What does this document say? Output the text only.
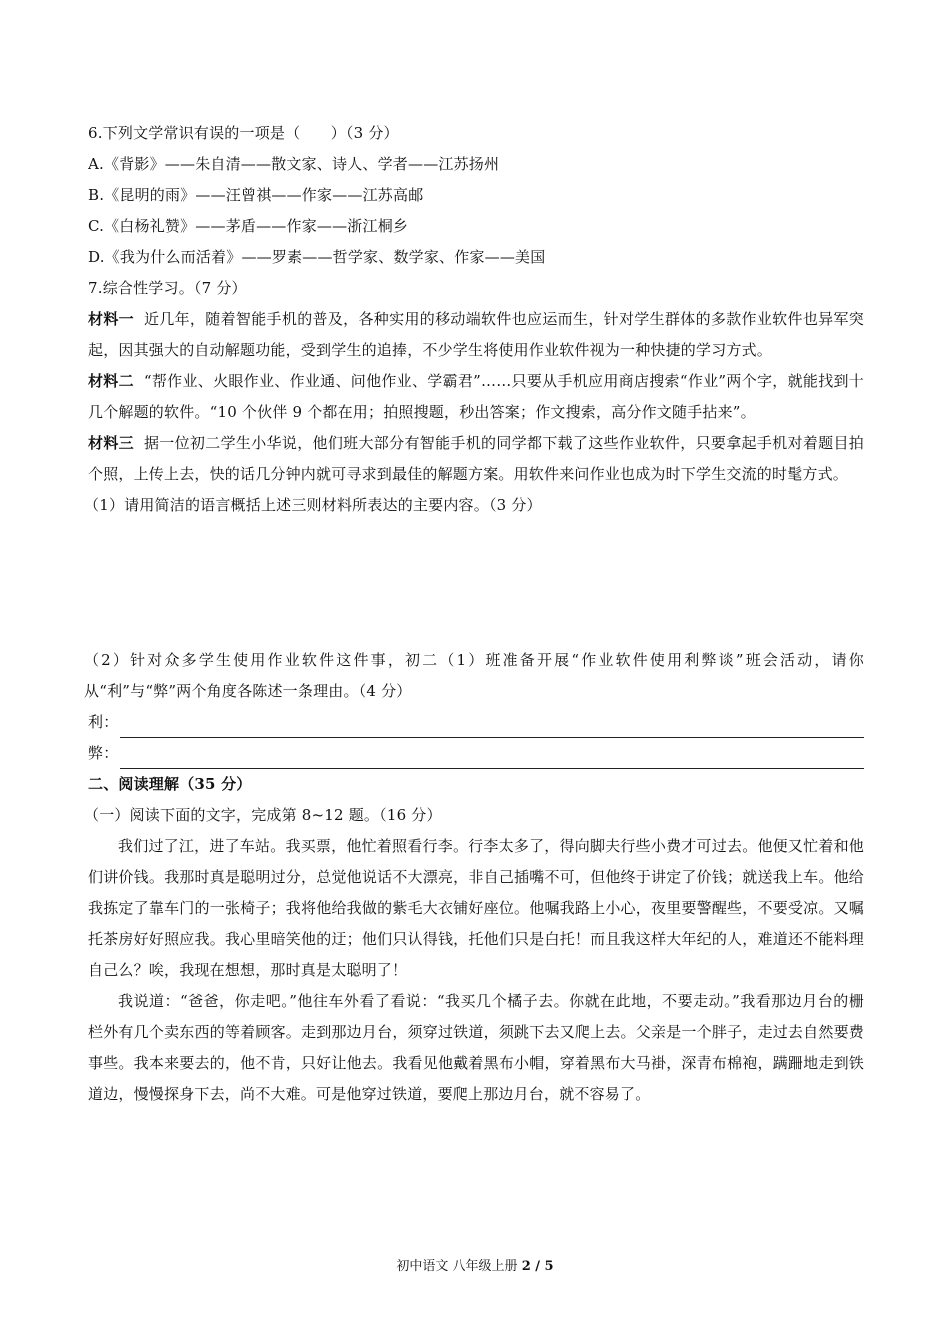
6.下列文学常识有误的一项是（　　）（3 分）
A.《背影》——朱自清——散文家、诗人、学者——江苏扬州
B.《昆明的雨》——汪曾祺——作家——江苏高邮
C.《白杨礼赞》——茅盾——作家——浙江桐乡
D.《我为什么而活着》——罗素——哲学家、数学家、作家——美国
7.综合性学习。（7 分）
材料一 近几年，随着智能手机的普及，各种实用的移动端软件也应运而生，针对学生群体的多款作业软件也异军突起，因其强大的自动解题功能，受到学生的追捧，不少学生将使用作业软件视为一种快捷的学习方式。
材料二 “帮作业、火眼作业、作业通、问他作业、学霸君”……只要从手机应用商店搜索“作业”两个字，就能找到十几个解题的软件。“10 个伙伴 9 个都在用；拍照搜题，秒出答案；作文搜索，高分作文随手拈来”。
材料三 据一位初二学生小华说，他们班大部分有智能手机的同学都下载了这些作业软件，只要拿起手机对着题目拍个照，上传上去，快的话几分钟内就可寻求到最佳的解题方案。用软件来问作业也成为时下学生交流的时髦方式。
（1）请用简洁的语言概括上述三则材料所表达的主要内容。（3 分）
（2）针对众多学生使用作业软件这件事，初二（1）班准备开展“作业软件使用利弊谈”班会活动，请你从“利”与“弊”两个角度各陈述一条理由。（4 分）
利：
弊：
二、阅读理解（35 分）
（一）阅读下面的文字，完成第 8~12 题。（16 分）
我们过了江，进了车站。我买票，他忙着照看行李。行李太多了，得向脚夫行些小费才可过去。他便又忙着和他们讲价钱。我那时真是聪明过分，总觉他说话不大漂亮，非自己插嘴不可，但他终于讲定了价钱；就送我上车。他给我拣定了靠车门的一张椅子；我将他给我做的紫毛大衣铺好座位。他嘱我路上小心，夜里要警醒些，不要受凉。又嘱托茶房好好照应我。我心里暗笑他的迂；他们只认得钱，托他们只是白托！而且我这样大年纪的人，难道还不能料理自己么？唉，我现在想想，那时真是太聪明了！
我说道：“爸爸，你走吧。”他往车外看了看说：“我买几个橘子去。你就在此地，不要走动。”我看那边月台的栅栏外有几个卖东西的等着顾客。走到那边月台，须穿过铁道，须跳下去又爬上去。父亲是一个胖子，走过去自然要费事些。我本来要去的，他不肯，只好让他去。我看见他戴着黑布小帽，穿着黑布大马褂，深青布棉袍，蹒跚地走到铁道边，慢慢探身下去，尚不大难。可是他穿过铁道，要爬上那边月台，就不容易了。
初中语文 八年级上册 2 / 5
